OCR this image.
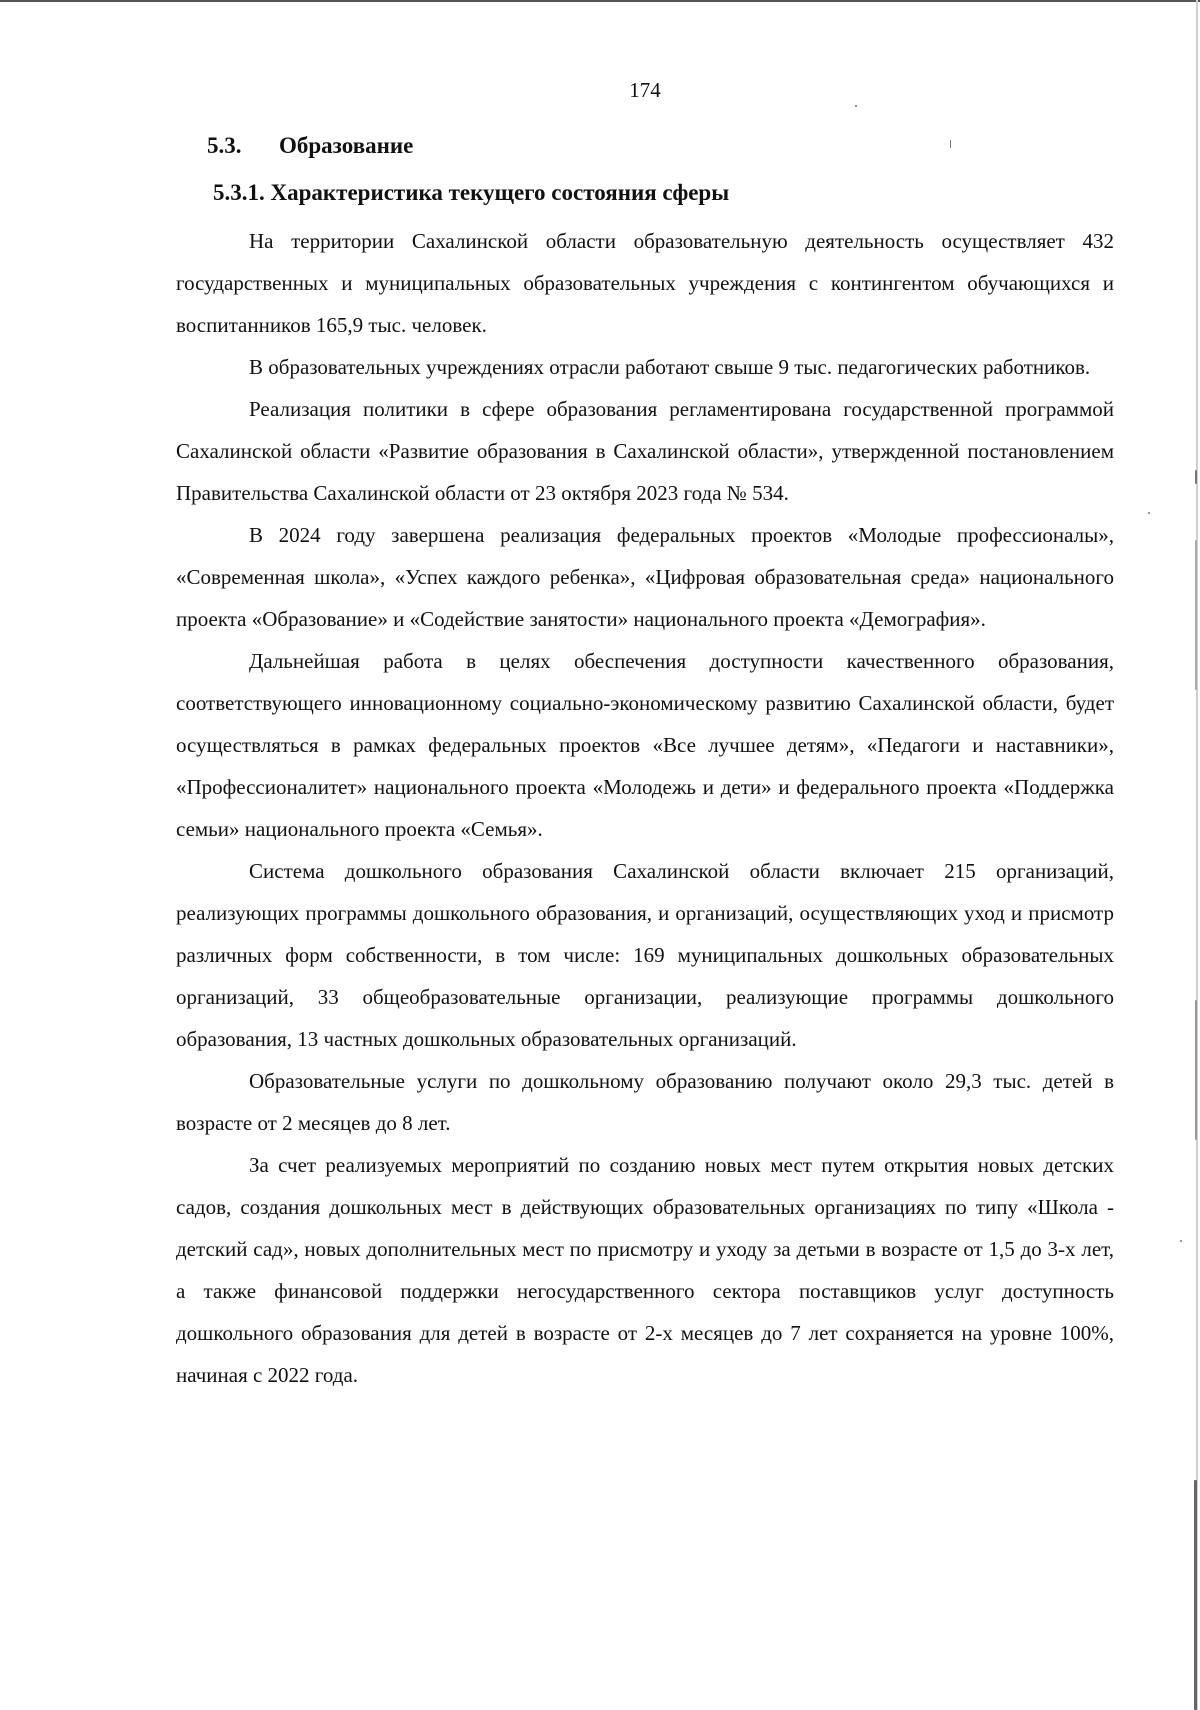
174
5.3. Образование
5.3.1. Характеристика текущего состояния сферы

На территории Сахалинской области образовательную деятельность осуществляет 432 государственных и муниципальных образовательных учреждения с контингентом обучающихся и воспитанников 165,9 тыс. человек.

В образовательных учреждениях отрасли работают свыше 9 тыс. педагогических работников.

Реализация политики в сфере образования регламентирована государственной программой Сахалинской области «Развитие образования в Сахалинской области», утвержденной постановлением Правительства Сахалинской области от 23 октября 2023 года № 534.

В 2024 году завершена реализация федеральных проектов «Молодые профессионалы», «Современная школа», «Успех каждого ребенка», «Цифровая образовательная среда» национального проекта «Образование» и «Содействие занятости» национального проекта «Демография».

Дальнейшая работа в целях обеспечения доступности качественного образования, соответствующего инновационному социально-экономическому развитию Сахалинской области, будет осуществляться в рамках федеральных проектов «Все лучшее детям», «Педагоги и наставники», «Профессионалитет» национального проекта «Молодежь и дети» и федерального проекта «Поддержка семьи» национального проекта «Семья».

Система дошкольного образования Сахалинской области включает 215 организаций, реализующих программы дошкольного образования, и организаций, осуществляющих уход и присмотр различных форм собственности, в том числе: 169 муниципальных дошкольных образовательных организаций, 33 общеобразовательные организации, реализующие программы дошкольного образования, 13 частных дошкольных образовательных организаций.

Образовательные услуги по дошкольному образованию получают около 29,3 тыс. детей в возрасте от 2 месяцев до 8 лет.

За счет реализуемых мероприятий по созданию новых мест путем открытия новых детских садов, создания дошкольных мест в действующих образовательных организациях по типу «Школа - детский сад», новых дополнительных мест по присмотру и уходу за детьми в возрасте от 1,5 до 3-х лет, а также финансовой поддержки негосударственного сектора поставщиков услуг доступность дошкольного образования для детей в возрасте от 2-х месяцев до 7 лет сохраняется на уровне 100%, начиная с 2022 года.
